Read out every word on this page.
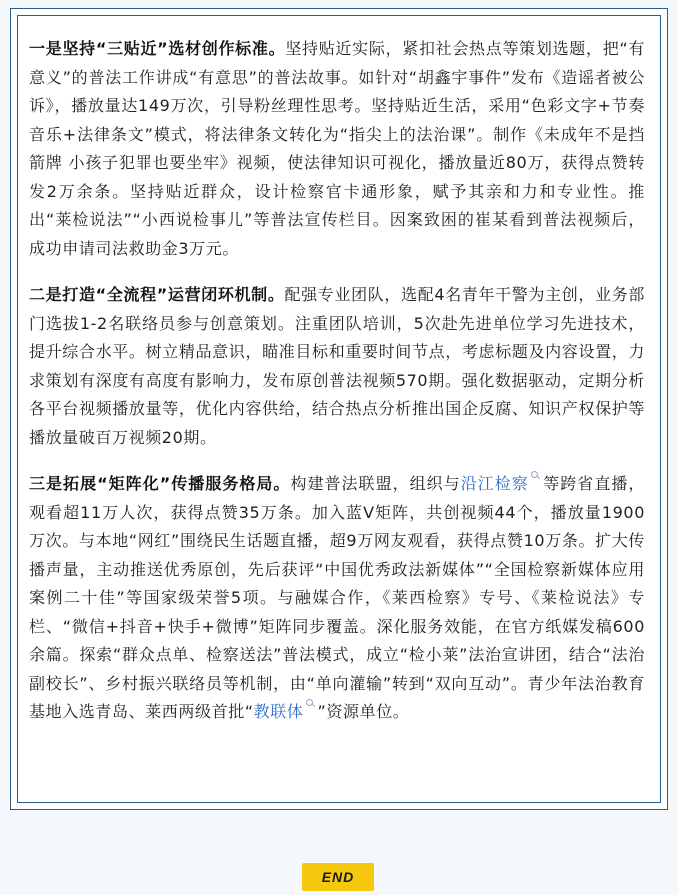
一是坚持“三贴近”选材创作标准。坚持贴近实际，紧扣社会热点等策划选题，把“有意义”的普法工作讲成“有意思”的普法故事。如针对“胡鑫宇事件”发布《造谣者被公诉》，播放量达149万次，引导粉丝理性思考。坚持贴近生活，采用“色彩文字+节奏音乐+法律条文”模式，将法律条文转化为“指尖上的法治课”。制作《未成年不是挡箭牌 小孩子犯罪也要坐牢》视频，使法律知识可视化，播放量近80万，获得点赞转发2万余条。坚持贴近群众，设计检察官卡通形象，赋予其亲和力和专业性。推出“莱检说法”“小西说检事儿”等普法宣传栏目。因案致困的崔某看到普法视频后，成功申请司法救助金3万元。

二是打造“全流程”运营闭环机制。配强专业团队，选配4名青年干警为主创，业务部门选拔1-2名联络员参与创意策划。注重团队培训，5次赴先进单位学习先进技术，提升综合水平。树立精品意识，瞄准目标和重要时间节点，考虑标题及内容设置，力求策划有深度有高度有影响力，发布原创普法视频570期。强化数据驱动，定期分析各平台视频播放量等，优化内容供给，结合热点分析推出国企反腐、知识产权保护等播放量破百万视频20期。

三是拓展“矩阵化”传播服务格局。构建普法联盟，组织与沿江检察 等跨省直播，观看超11万人次，获得点赞35万条。加入蓝V矩阵，共创视频44个，播放量1900万次。与本地“网红”围绕民生话题直播，超9万网友观看，获得点赞10万条。扩大传播声量，主动推送优秀原创，先后获评“中国优秀政法新媒体”“全国检察新媒体应用案例二十佳”等国家级荣誉5项。与融媒合作，《莱西检察》专号、《莱检说法》专栏、“微信+抖音+快手+微博”矩阵同步覆盖。深化服务效能，在官方纸媒发稿600余篇。探索“群众点单、检察送法”普法模式，成立“检小莱”法治宣讲团，结合“法治副校长”、乡村振兴联络员等机制，由“单向灌输”转到“双向互动”。青少年法治教育基地入选青岛、莱西两级首批“教联体 ”资源单位。

END
